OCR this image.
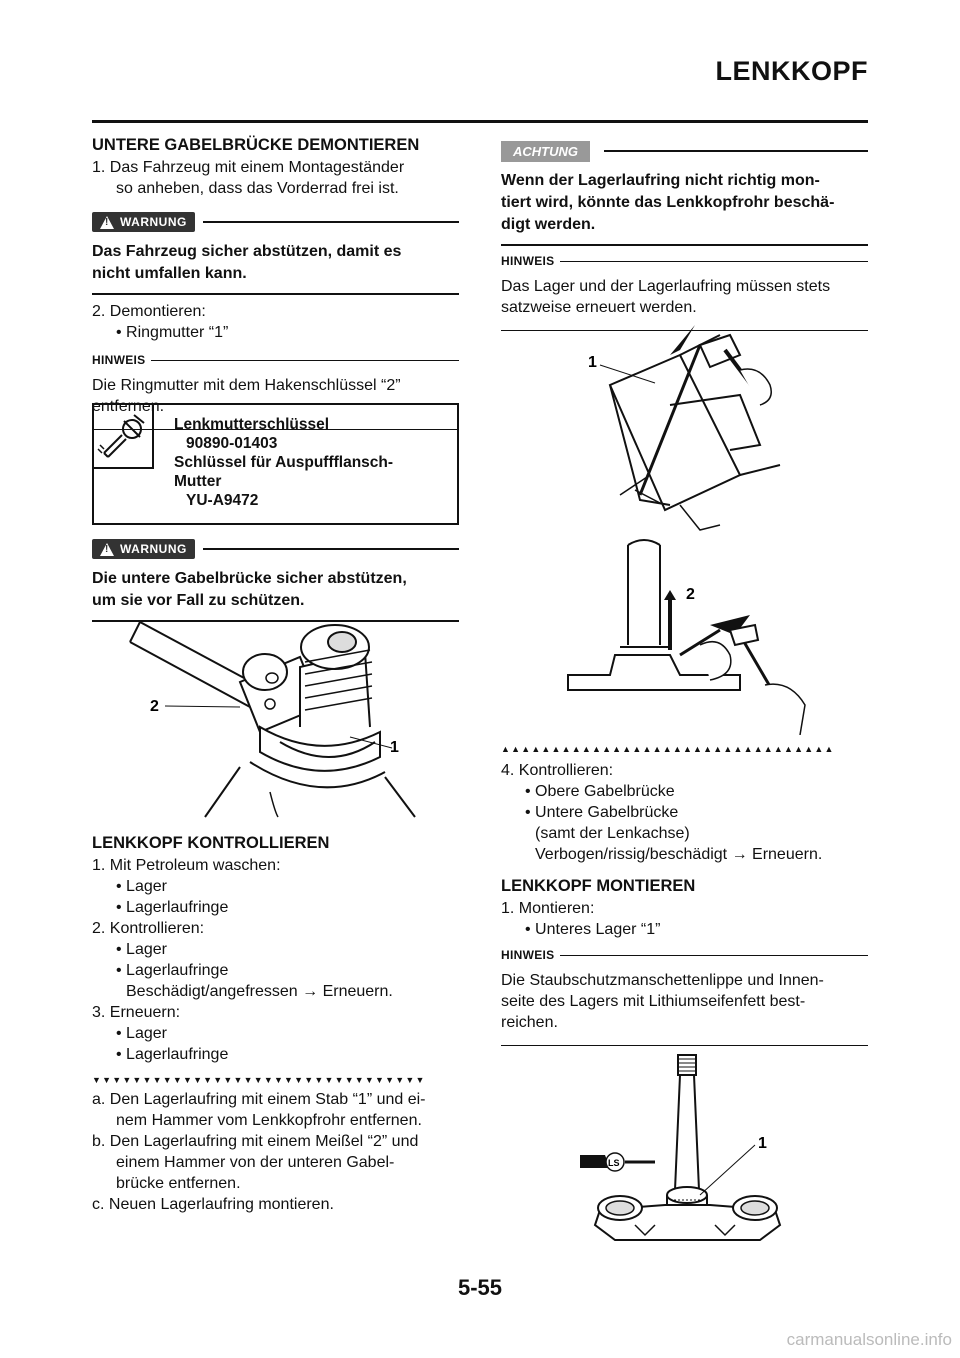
LENKKOPF

UNTERE GABELBRÜCKE DEMONTIEREN

1. Das Fahrzeug mit einem Montageständer

so anheben, dass das Vorderrad frei ist.

!
WARNUNG

Das Fahrzeug sicher abstützen, damit es

nicht umfallen kann.

2. Demontieren:

• Ringmutter “1”

HINWEIS

Die Ringmutter mit dem Hakenschlüssel “2”

entfernen.

Lenkmutterschlüssel
90890-01403
Schlüssel für Auspuffflansch-
Mutter
YU-A9472
!
WARNUNG

Die untere Gabelbrücke sicher abstützen,

um sie vor Fall zu schützen.

1
2

LENKKOPF KONTROLLIEREN

1. Mit Petroleum waschen:

• Lager

• Lagerlaufringe

2. Kontrollieren:

• Lager

• Lagerlaufringe

Beschädigt/angefressen → Erneuern.

3. Erneuern:

• Lager

• Lagerlaufringe

▼▼▼▼▼▼▼▼▼▼▼▼▼▼▼▼▼▼▼▼▼▼▼▼▼▼▼▼▼▼▼▼▼

a. Den Lagerlaufring mit einem Stab “1” und ei-

nem Hammer vom Lenkkopfrohr entfernen.

b. Den Lagerlaufring mit einem Meißel “2” und

einem Hammer von der unteren Gabel-

brücke entfernen.

c. Neuen Lagerlaufring montieren.

ACHTUNG

Wenn der Lagerlaufring nicht richtig mon-

tiert wird, könnte das Lenkkopfrohr beschä-

digt werden.

HINWEIS

Das Lager und der Lagerlaufring müssen stets

satzweise erneuert werden.

1
2
▲▲▲▲▲▲▲▲▲▲▲▲▲▲▲▲▲▲▲▲▲▲▲▲▲▲▲▲▲▲▲▲▲

4. Kontrollieren:

• Obere Gabelbrücke

• Untere Gabelbrücke

(samt der Lenkachse)

Verbogen/rissig/beschädigt → Erneuern.

LENKKOPF MONTIEREN

1. Montieren:

• Unteres Lager “1”

HINWEIS

Die Staubschutzmanschettenlippe und Innen-

seite des Lagers mit Lithiumseifenfett best-

reichen.

LS
1
5-55
carmanualsonline.info
